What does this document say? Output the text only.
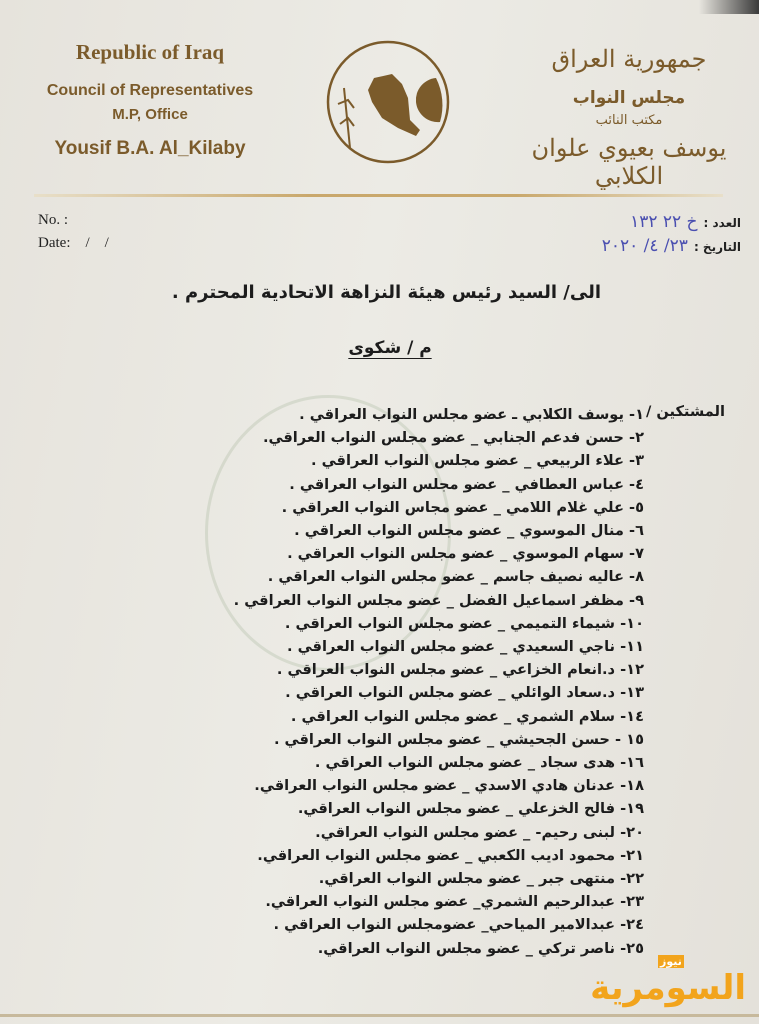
Republic of Iraq
Council of Representatives
M.P, Office
Yousif B.A. Al_Kilaby
جمهورية العراق
مجلس النواب
مكتب النائب
يوسف بعيوي علوان الكلابي
No. :
Date:    /    /
العدد :خ ٢٢ ١٣٢
التاريخ :٢٣/ ٤/ ٢٠٢٠
الى/ السيد رئيس هيئة النزاهة الاتحادية المحترم .
م / شكوى
المشتكين /
١- يوسف الكلابي ـ عضو مجلس النواب العراقي .
٢- حسن فدعم الجنابي _ عضو مجلس النواب العراقي.
٣- علاء الربيعي _ عضو مجلس النواب العراقي .
٤- عباس العطافي _ عضو مجلس النواب العراقي .
٥- علي غلام اللامي _ عضو مجاس النواب العراقي .
٦- منال الموسوي _ عضو مجلس النواب العراقي .
٧- سهام الموسوي _ عضو مجلس النواب العراقي .
٨- عاليه نصيف جاسم _ عضو مجلس النواب العراقي .
٩- مظفر اسماعيل الفضل _ عضو مجلس النواب العراقي .
١٠- شيماء التميمي _ عضو مجلس النواب العراقي .
١١- ناجي السعيدي _ عضو مجلس النواب العراقي .
١٢- د.انعام الخزاعي _ عضو مجلس النواب العراقي .
١٣- د.سعاد الوائلي _ عضو مجلس النواب العراقي .
١٤- سلام الشمري _ عضو مجلس النواب العراقي .
١٥ - حسن الجحيشي _ عضو مجلس النواب العراقي .
١٦- هدى سجاد _ عضو مجلس النواب العراقي .
١٨- عدنان هادي الاسدي _ عضو مجلس النواب العراقي.
١٩- فالح الخزعلي _ عضو مجلس النواب العراقي.
٢٠- لبنى رحيم- _ عضو مجلس النواب العراقي.
٢١- محمود اديب الكعبي _ عضو مجلس النواب العراقي.
٢٢- منتهى جبر _ عضو مجلس النواب العراقي.
٢٣- عبدالرحيم الشمري_ عضو مجلس النواب العراقي.
٢٤- عبدالامير المياحي_ عضومجلس النواب العراقي .
٢٥- ناصر تركي _ عضو مجلس النواب العراقي.
السومرية
نيوز
